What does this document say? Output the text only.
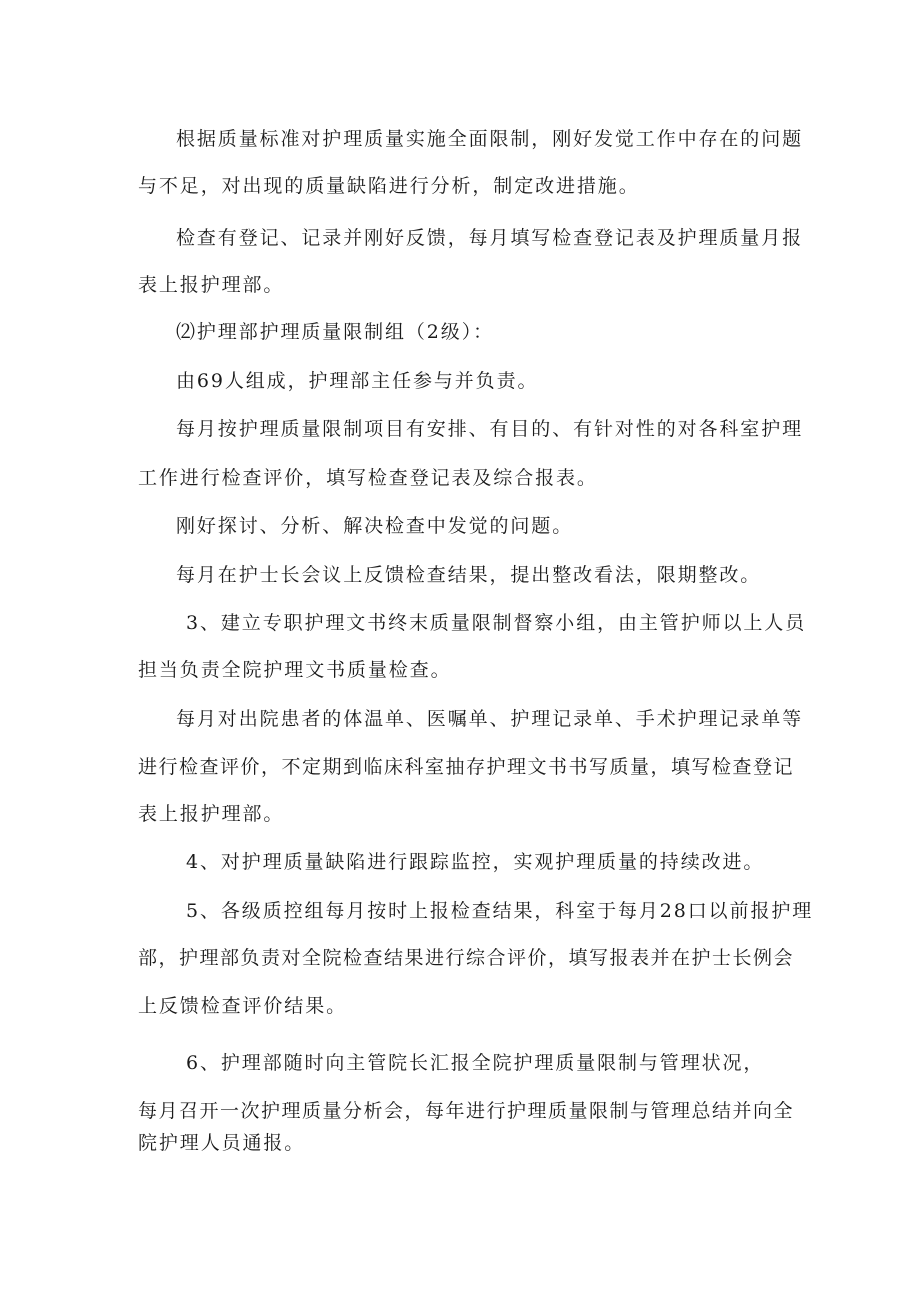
根据质量标准对护理质量实施全面限制，刚好发觉工作中存在的问题

与不足，对出现的质量缺陷进行分析，制定改进措施。

检查有登记、记录并刚好反馈，每月填写检查登记表及护理质量月报

表上报护理部。

⑵护理部护理质量限制组（2级）：

由69人组成，护理部主任参与并负责。

每月按护理质量限制项目有安排、有目的、有针对性的对各科室护理

工作进行检查评价，填写检查登记表及综合报表。

刚好探讨、分析、解决检查中发觉的问题。

每月在护士长会议上反馈检查结果，提出整改看法，限期整改。

3、建立专职护理文书终末质量限制督察小组，由主管护师以上人员

担当负责全院护理文书质量检查。

每月对出院患者的体温单、医嘱单、护理记录单、手术护理记录单等

进行检查评价，不定期到临床科室抽存护理文书书写质量，填写检查登记

表上报护理部。

4、对护理质量缺陷进行跟踪监控，实观护理质量的持续改进。

5、各级质控组每月按时上报检查结果，科室于每月28口以前报护理

部，护理部负责对全院检查结果进行综合评价，填写报表并在护士长例会

上反馈检查评价结果。

6、护理部随时向主管院长汇报全院护理质量限制与管理状况，

每月召开一次护理质量分析会，每年进行护理质量限制与管理总结并向全

院护理人员通报。
